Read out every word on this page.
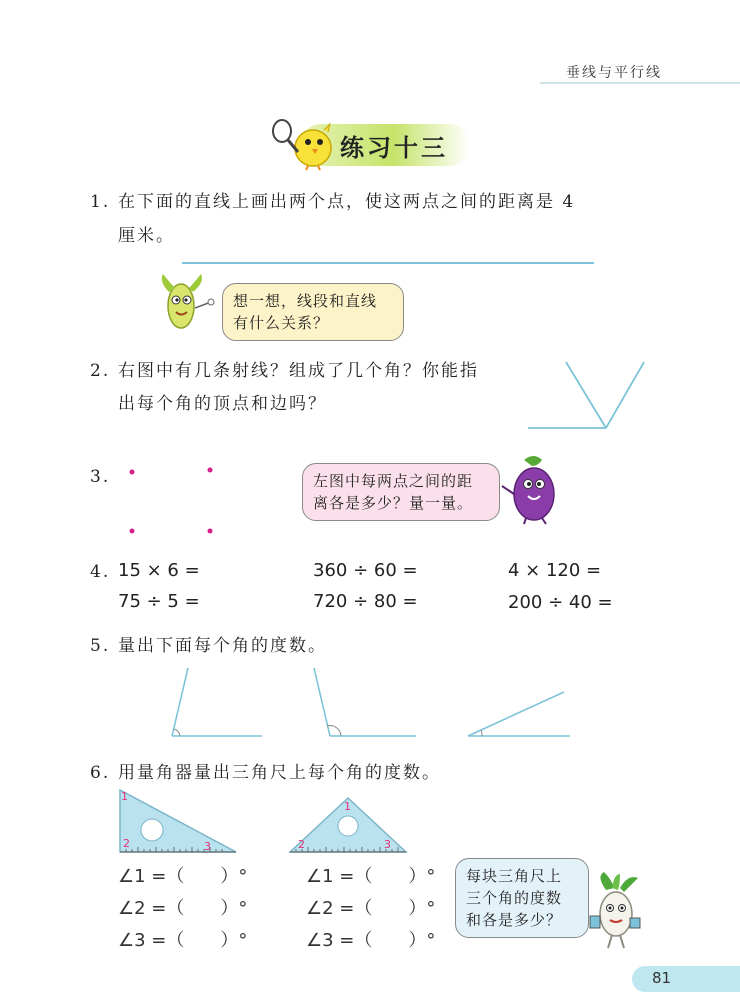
垂线与平行线
练习十三
1. 在下面的直线上画出两个点，使这两点之间的距离是 4
厘米。
想一想，线段和直线
有什么关系？
2. 右图中有几条射线？组成了几个角？你能指
出每个角的顶点和边吗？
3.	左图中每两点之间的距
离各是多少？量一量。
4. 15 × 6 =	360 ÷ 60 =	4 × 120 =
75 ÷ 5 =	720 ÷ 80 =	200 ÷ 40 =
5. 量出下面每个角的度数。
6. 用量角器量出三角尺上每个角的度数。
1
2	3
1
2	3
∠1 =（　　）°
∠2 =（　　）°
∠3 =（　　）°
∠1 =（　　）°
∠2 =（　　）°
∠3 =（　　）°
每块三角尺上
三个角的度数
和各是多少？
81
